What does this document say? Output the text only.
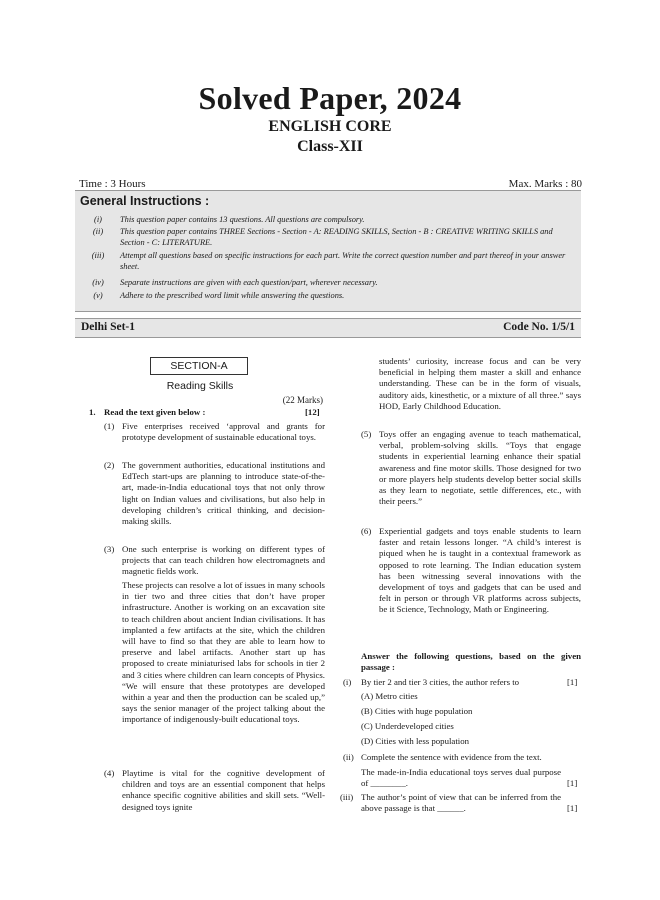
Solved Paper, 2024
ENGLISH CORE
Class-XII
Time : 3 Hours	Max. Marks : 80
General Instructions :
(i)	This question paper contains 13 questions. All questions are compulsory.
(ii)	This question paper contains THREE Sections - Section - A: READING SKILLS, Section - B : CREATIVE WRITING SKILLS and Section - C: LITERATURE.
(iii)	Attempt all questions based on specific instructions for each part. Write the correct question number and part thereof in your answer sheet.
(iv)	Separate instructions are given with each question/part, wherever necessary.
(v)	Adhere to the prescribed word limit while answering the questions.
Delhi Set-1	Code No. 1/5/1
SECTION-A
Reading Skills
(22 Marks)
1. Read the text given below :	[12]
(1) Five enterprises received ‘approval and grants for prototype development of sustainable educational toys.
(2) The government authorities, educational institutions and EdTech start-ups are planning to introduce state-of-the-art, made-in-India educational toys that not only throw light on Indian values and civilisations, but also help in developing children’s critical thinking, and decision-making skills.
(3) One such enterprise is working on different types of projects that can teach children how electromagnets and magnetic fields work.
These projects can resolve a lot of issues in many schools in tier two and three cities that don’t have proper infrastructure. Another is working on an excavation site to teach children about ancient Indian civilisations. It has implanted a few artifacts at the site, which the children will have to find so that they are able to learn how to preserve and label artifacts. Another start up has proposed to create miniaturised labs for schools in tier 2 and 3 cities where children can learn concepts of Physics. “We will ensure that these prototypes are developed within a year and then the production can be scaled up,” says the senior manager of the project talking about the importance of indigenously-built educational toys.
(4) Playtime is vital for the cognitive development of children and toys are an essential component that helps enhance specific cognitive abilities and skill sets. “Well-designed toys ignite
students’ curiosity, increase focus and can be very beneficial in helping them master a skill and enhance understanding. These can be in the form of visuals, auditory aids, kinesthetic, or a mixture of all three.” says HOD, Early Childhood Education.
(5) Toys offer an engaging avenue to teach mathematical, verbal, problem-solving skills. “Toys that engage students in experiential learning enhance their spatial awareness and fine motor skills. Those designed for two or more players help students develop better social skills as they learn to negotiate, settle differences, etc., with their peers.”
(6) Experiential gadgets and toys enable students to learn faster and retain lessons longer. “A child’s interest is piqued when he is taught in a contextual framework as opposed to rote learning. The Indian education system has been witnessing several innovations with the development of toys and gadgets that can be used and felt in person or through VR platforms across subjects, be it Science, Technology, Math or Engineering.
Answer the following questions, based on the given passage :
(i) By tier 2 and tier 3 cities, the author refers to	[1]
(A) Metro cities
(B) Cities with huge population
(C) Underdeveloped cities
(D) Cities with less population
(ii) Complete the sentence with evidence from the text.
The made-in-India educational toys serves dual purpose of ________.	[1]
(iii) The author’s point of view that can be inferred from the above passage is that ______.	[1]
